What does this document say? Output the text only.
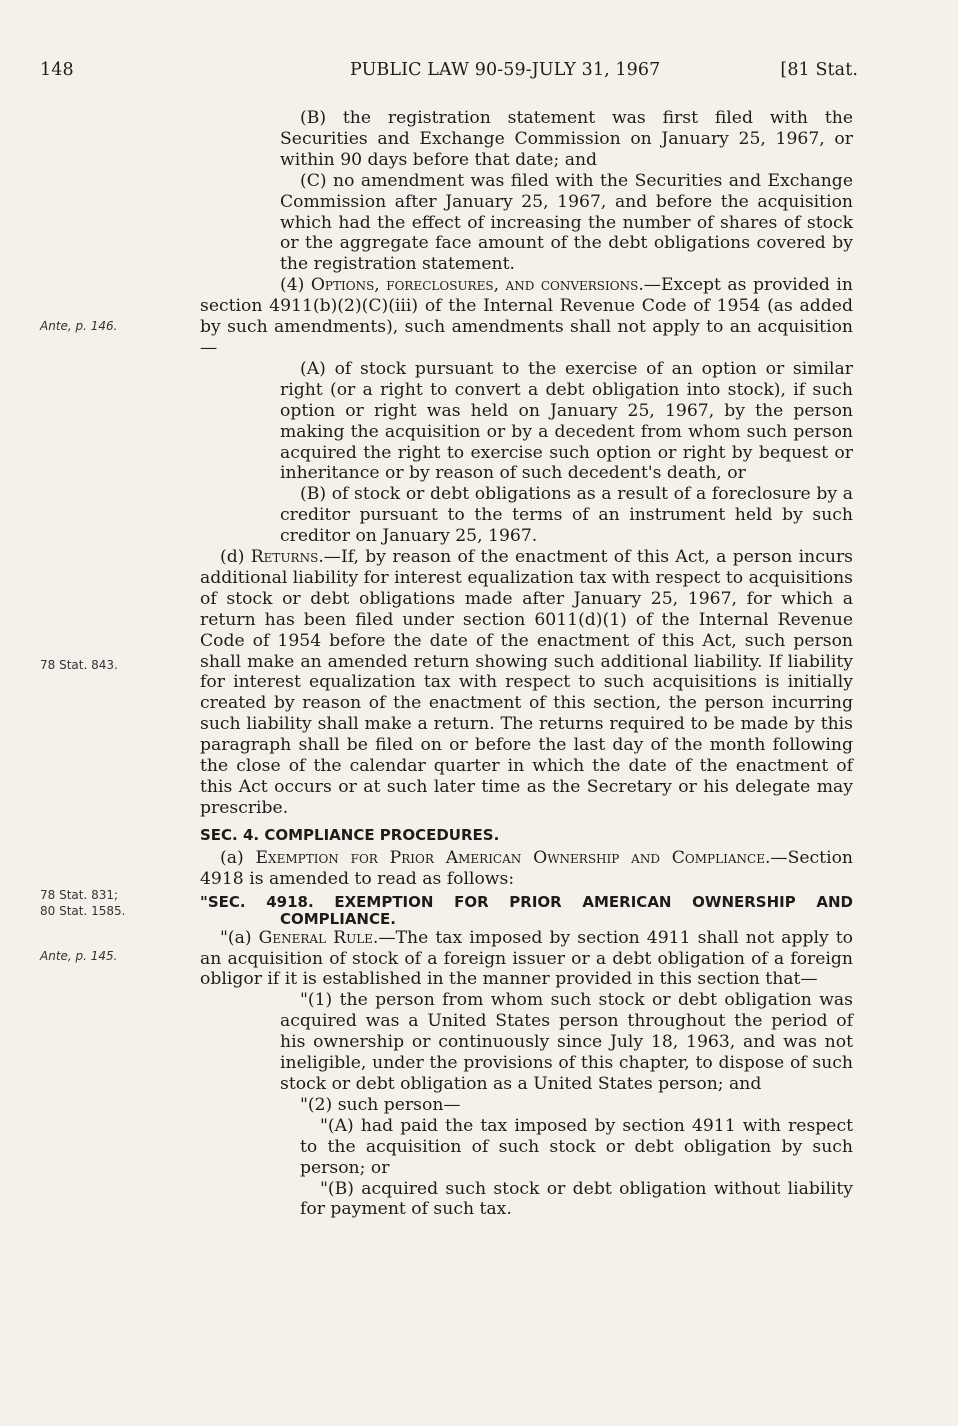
148	PUBLIC LAW 90-59-JULY 31, 1967	[81 Stat.
Ante, p. 146.
78 Stat. 843.
78 Stat. 831;
80 Stat. 1585.
Ante, p. 145.

(B) the registration statement was first filed with the Securities and Exchange Commission on January 25, 1967, or within 90 days before that date; and

(C) no amendment was filed with the Securities and Exchange Commission after January 25, 1967, and before the acquisition which had the effect of increasing the number of shares of stock or the aggregate face amount of the debt obligations covered by the registration statement.

(4) Options, foreclosures, and conversions.—Except as provided in section 4911(b)(2)(C)(iii) of the Internal Revenue Code of 1954 (as added by such amendments), such amendments shall not apply to an acquisition—

(A) of stock pursuant to the exercise of an option or similar right (or a right to convert a debt obligation into stock), if such option or right was held on January 25, 1967, by the person making the acquisition or by a decedent from whom such person acquired the right to exercise such option or right by bequest or inheritance or by reason of such decedent's death, or

(B) of stock or debt obligations as a result of a foreclosure by a creditor pursuant to the terms of an instrument held by such creditor on January 25, 1967.

(d) Returns.—If, by reason of the enactment of this Act, a person incurs additional liability for interest equalization tax with respect to acquisitions of stock or debt obligations made after January 25, 1967, for which a return has been filed under section 6011(d)(1) of the Internal Revenue Code of 1954 before the date of the enactment of this Act, such person shall make an amended return showing such additional liability. If liability for interest equalization tax with respect to such acquisitions is initially created by reason of the enactment of this section, the person incurring such liability shall make a return. The returns required to be made by this paragraph shall be filed on or before the last day of the month following the close of the calendar quarter in which the date of the enactment of this Act occurs or at such later time as the Secretary or his delegate may prescribe.

SEC. 4. COMPLIANCE PROCEDURES.

(a) Exemption for Prior American Ownership and Compliance.—Section 4918 is amended to read as follows:

"SEC. 4918. EXEMPTION FOR PRIOR AMERICAN OWNERSHIP AND COMPLIANCE.

"(a) General Rule.—The tax imposed by section 4911 shall not apply to an acquisition of stock of a foreign issuer or a debt obligation of a foreign obligor if it is established in the manner provided in this section that—

"(1) the person from whom such stock or debt obligation was acquired was a United States person throughout the period of his ownership or continuously since July 18, 1963, and was not ineligible, under the provisions of this chapter, to dispose of such stock or debt obligation as a United States person; and

"(2) such person—

"(A) had paid the tax imposed by section 4911 with respect to the acquisition of such stock or debt obligation by such person; or

"(B) acquired such stock or debt obligation without liability for payment of such tax.
